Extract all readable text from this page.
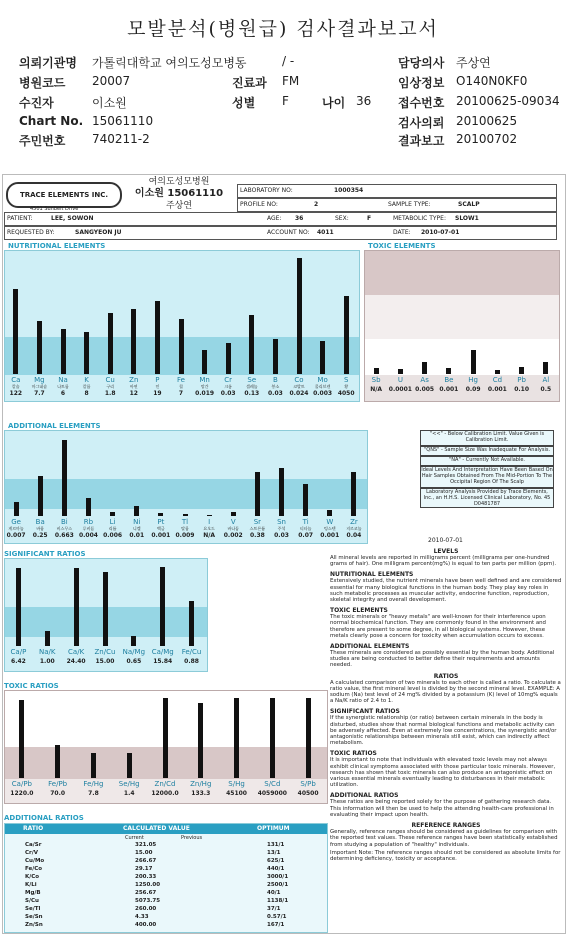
모발분석(병원급) 검사결과보고서
의뢰기관명 가톨릭대학교 여의도성모병동	/ -	담당의사 주상연
병원코드 20007	진료과 FM	임상정보 O140N0KF0
수진자	이소원	성별 F	나이 36 접수번호 20100625-09034
Chart No. 15061110	검사의뢰 20100625
주민번호 740211-2	결과보고 20100702
TRACE ELEMENTS INC.
4501 Sunbelt Drive
여의도성모병원
이소원 15061110
주상연
LABORATORY NO:	1000354
PROFILE NO:	2	SAMPLE TYPE:	SCALP
PATIENT:	LEE, SOWON	AGE: 36	SEX:	F	METABOLIC TYPE: SLOW1
REQUESTED BY:	SANGYEON JU	ACCOUNT NO: 4011	DATE: 2010-07-01
NUTRITIONAL ELEMENTS
Ca
칼슘
122
Mg
마그네슘
7.7
Na
나트륨
6
K
칼륨
8
Cu
구리
1.8
Zn
아연
12
P
인
19
Fe
철
7
Mn
망간
0.019
Cr
크롬
0.03
Se
셀레늄
0.13
B
붕소
0.03
Co
코발트
0.024
Mo
몰리브덴
0.003
S
황
4050
TOXIC ELEMENTS
Sb
N/A
U
0.0001
As
0.005
Be
0.001
Hg
0.09
Cd
0.001
Pb
0.10
Al
0.5
ADDITIONAL ELEMENTS
Ge
게르마늄
0.007
Ba
바륨
0.25
Bi
비스무스
0.663
Rb
루비듐
0.004
Li
리튬
0.006
Ni
니켈
0.01
Pt
백금
0.001
Tl
탈륨
0.009
I
요오드
N/A
V
바나듐
0.002
Sr
스트론튬
0.38
Sn
주석
0.03
Ti
티타늄
0.07
W
텅스텐
0.001
Zr
지르코늄
0.04
"<<" - Below Calibration Limit. Value Given is Calibration Limit.
"QNS" - Sample Size Was Inadequate For Analysis.
"NA" - Currently Not Available.
Ideal Levels And Interpretation Have Been Based On Hair Samples Obtained From The Mid-Portion To The Occipital Region Of The Scalp
Laboratory Analysis Provided by Trace Elements, Inc., an H.H.S. Licensed Clinical Laboratory, No. 45 D0481787
2010-07-01
SIGNIFICANT RATIOS
Ca/P
6.42
Na/K
1.00
Ca/K
24.40
Zn/Cu
15.00
Na/Mg
0.65
Ca/Mg
15.84
Fe/Cu
0.88
TOXIC RATIOS
Ca/Pb
1220.0
Fe/Pb
70.0
Fe/Hg
7.8
Se/Hg
1.4
Zn/Cd
12000.0
Zn/Hg
133.3
S/Hg
45100
S/Cd
4059000
S/Pb
40500
ADDITIONAL RATIOS
RATIO	CALCULATED VALUE	OPTIMUM
Current	Previous
Ca/Sr	321.05	131/1
Cr/V	15.00	13/1
Cu/Mo	266.67	625/1
Fe/Co	29.17	440/1
K/Co	200.33	3000/1
K/Li	1250.00	2500/1
Mg/B	256.67	40/1
S/Cu	5073.75	1138/1
Se/Tl	260.00	37/1
Se/Sn	4.33	0.57/1
Zn/Sn	400.00	167/1
LEVELS
All mineral levels are reported in milligrams percent (milligrams per one-hundred grams of hair). One milligram percent(mg%) is equal to ten parts per million (ppm).
NUTRITIONAL ELEMENTS
Extensively studied, the nutrient minerals have been well defined and are considered essential for many biological functions in the human body. They play key roles in such metabolic processes as muscular activity, endocrine function, reproduction, skeletal integrity and overall development.
TOXIC ELEMENTS
The toxic minerals or "heavy metals" are well-known for their interference upon normal biochemical function. They are commonly found in the environment and therefore are present to some degree, in all biological systems. However, these metals clearly pose a concern for toxicity when accumulation occurs to excess.
ADDITIONAL ELEMENTS
These minerals are considered as possibly essential by the human body. Additional studies are being conducted to better define their requirements and amounts needed.
RATIOS
A calculated comparison of two minerals to each other is called a ratio. To calculate a ratio value, the first mineral level is divided by the second mineral level. EXAMPLE: A sodium (Na) test level of 24 mg% divided by a potassium (K) level of 10mg% equals a Na/K ratio of 2.4 to 1.
SIGNIFICANT RATIOS
If the synergistic relationship (or ratio) between certain minerals in the body is disturbed, studies show that normal biological functions and metabolic activity can be adversely affected. Even at extremely low concentrations, the synergistic and/or antagonistic relationships between minerals still exist, which can indirectly affect metabolism.
TOXIC RATIOS
It is important to note that individuals with elevated toxic levels may not always exhibit clinical symptoms associated with those particular toxic minerals. However, research has shown that toxic minerals can also produce an antagonistic effect on various essential minerals eventually leading to disturbances in their metabolic utilization.
ADDITIONAL RATIOS
These ratios are being reported solely for the purpose of gathering research data. This information will then be used to help the attending health-care professional in evaluating their impact upon health.
REFERENCE RANGES
Generally, reference ranges should be considered as guidelines for comparison with the reported test values. These reference ranges have been statistically established from studying a population of "healthy" individuals.
Important Note: The reference ranges should not be considered as absolute limits for determining deficiency, toxicity or acceptance.
